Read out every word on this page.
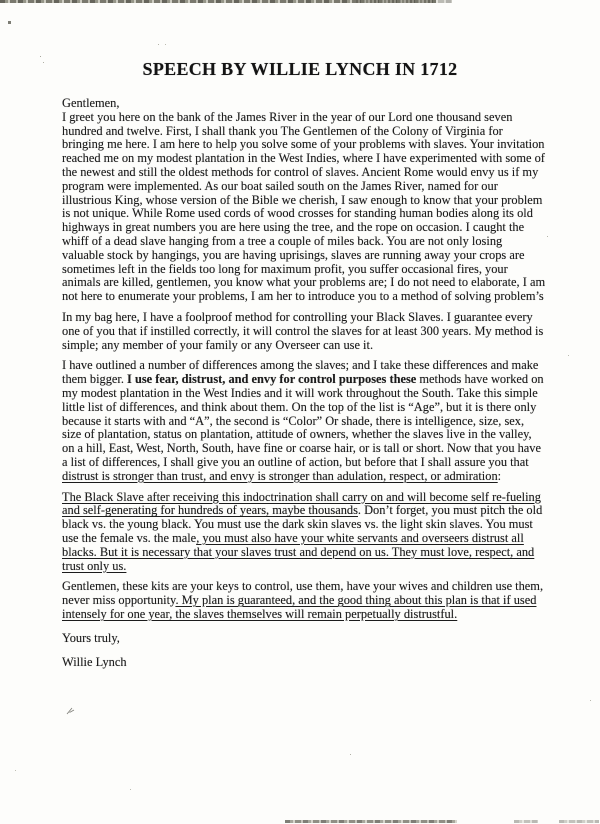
SPEECH BY WILLIE LYNCH IN 1712

Gentlemen,
I greet you here on the bank of the James River in the year of our Lord one thousand seven hundred and twelve. First, I shall thank you The Gentlemen of the Colony of Virginia for bringing me here. I am here to help you solve some of your problems with slaves. Your invitation reached me on my modest plantation in the West Indies, where I have experimented with some of the newest and still the oldest methods for control of slaves. Ancient Rome would envy us if my program were implemented. As our boat sailed south on the James River, named for our illustrious King, whose version of the Bible we cherish, I saw enough to know that your problem is not unique. While Rome used cords of wood crosses for standing human bodies along its old highways in great numbers you are here using the tree, and the rope on occasion. I caught the whiff of a dead slave hanging from a tree a couple of miles back. You are not only losing valuable stock by hangings, you are having uprisings, slaves are running away your crops are sometimes left in the fields too long for maximum profit, you suffer occasional fires, your animals are killed, gentlemen, you know what your problems are; I do not need to elaborate, I am not here to enumerate your problems, I am her to introduce you to a method of solving problem’s

In my bag here, I have a foolproof method for controlling your Black Slaves. I guarantee every one of you that if instilled correctly, it will control the slaves for at least 300 years. My method is simple; any member of your family or any Overseer can use it.

I have outlined a number of differences among the slaves; and I take these differences and make them bigger. I use fear, distrust, and envy for control purposes these methods have worked on my modest plantation in the West Indies and it will work throughout the South. Take this simple little list of differences, and think about them. On the top of the list is “Age”, but it is there only because it starts with and “A”, the second is “Color” Or shade, there is intelligence, size, sex, size of plantation, status on plantation, attitude of owners, whether the slaves live in the valley, on a hill, East, West, North, South, have fine or coarse hair, or is tall or short. Now that you have a list of differences, I shall give you an outline of action, but before that I shall assure you that distrust is stronger than trust, and envy is stronger than adulation, respect, or admiration:

The Black Slave after receiving this indoctrination shall carry on and will become self re-fueling and self-generating for hundreds of years, maybe thousands. Don’t forget, you must pitch the old black vs. the young black. You must use the dark skin slaves vs. the light skin slaves. You must use the female vs. the male, you must also have your white servants and overseers distrust all blacks. But it is necessary that your slaves trust and depend on us. They must love, respect, and trust only us.

Gentlemen, these kits are your keys to control, use them, have your wives and children use them, never miss opportunity. My plan is guaranteed, and the good thing about this plan is that if used intensely for one year, the slaves themselves will remain perpetually distrustful.

Yours truly,

Willie Lynch
